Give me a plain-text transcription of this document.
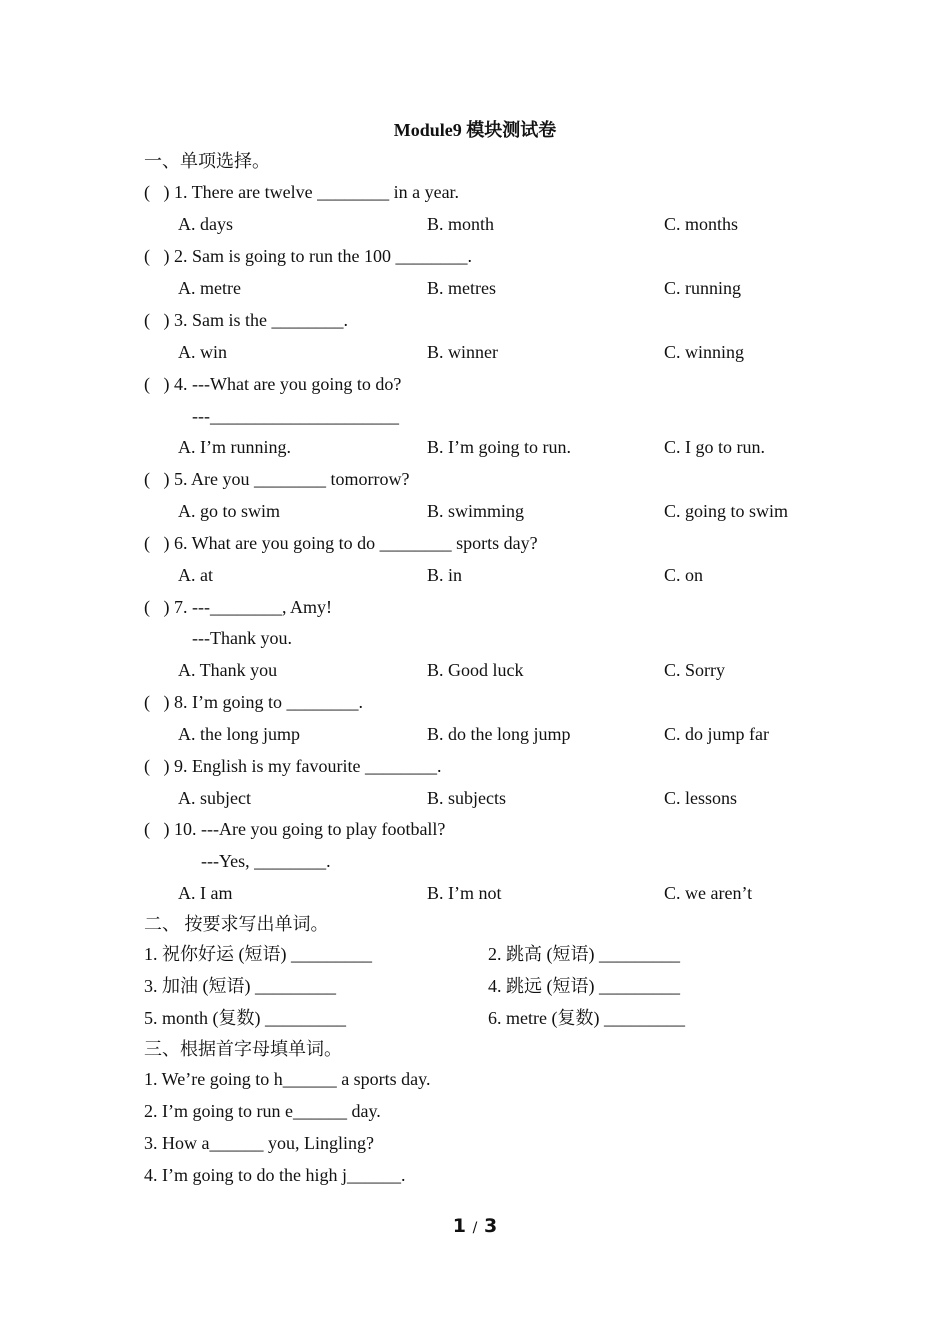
Module9 模块测试卷
一、单项选择。
(   ) 1. There are twelve ________ in a year.
A. days	B. month	C. months
(   ) 2. Sam is going to run the 100 ________.
A. metre	B. metres	C. running
(   ) 3. Sam is the ________.
A. win	B. winner	C. winning
(   ) 4. ---What are you going to do?
---_____________________
A. I’m running.	B. I’m going to run.	C. I go to run.
(   ) 5. Are you ________ tomorrow?
A. go to swim	B. swimming	C. going to swim
(   ) 6. What are you going to do ________ sports day?
A. at	B. in	C. on
(   ) 7. ---________, Amy!
---Thank you.
A. Thank you	B. Good luck	C. Sorry
(   ) 8. I’m going to ________.
A. the long jump	B. do the long jump	C. do jump far
(   ) 9. English is my favourite ________.
A. subject	B. subjects	C. lessons
(   ) 10. ---Are you going to play football?
---Yes, ________.
A. I am	B. I’m not	C. we aren’t
二、 按要求写出单词。
1. 祝你好运 (短语) _________	2. 跳高 (短语) _________
3. 加油 (短语) _________	4. 跳远 (短语) _________
5. month (复数) _________	6. metre (复数) _________
三、根据首字母填单词。
1. We’re going to h______ a sports day.
2. I’m going to run e______ day.
3. How a______ you, Lingling?
4. I’m going to do the high j______.
1 / 3
